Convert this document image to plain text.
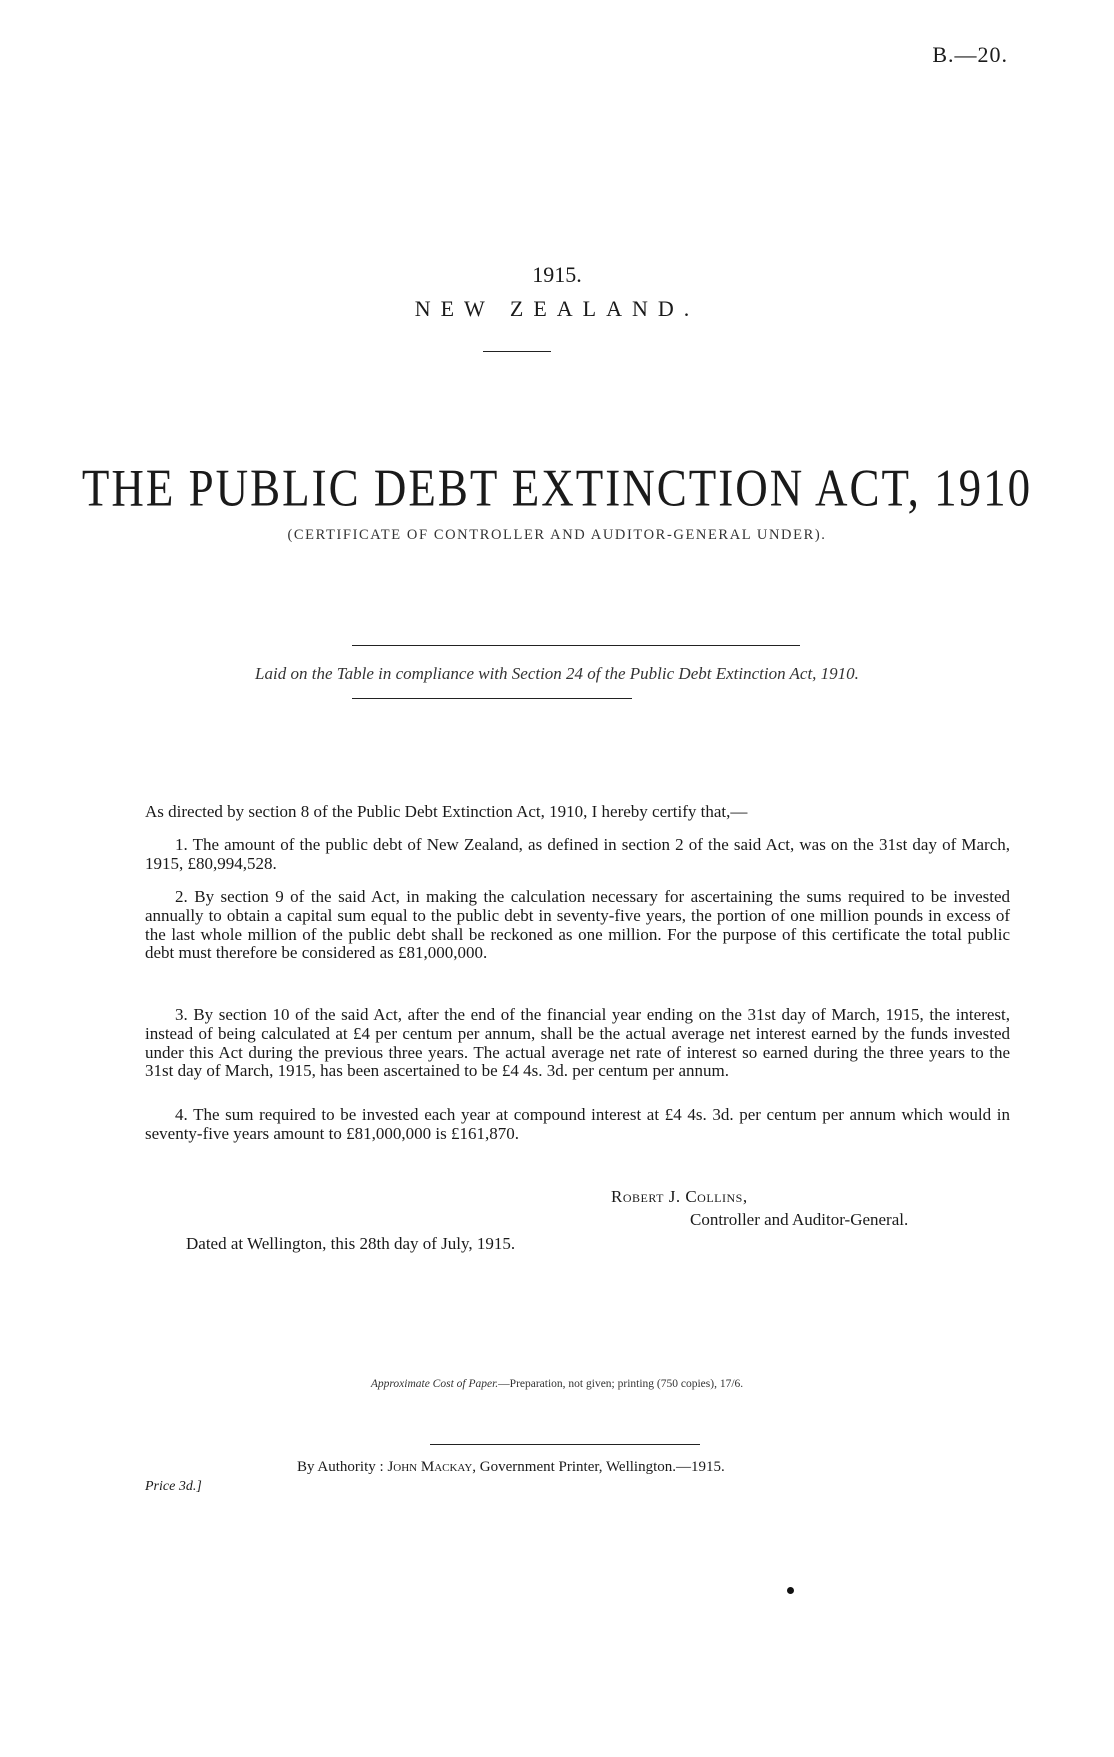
B.—20.
1915.
NEW ZEALAND.
THE PUBLIC DEBT EXTINCTION ACT, 1910
(CERTIFICATE OF CONTROLLER AND AUDITOR-GENERAL UNDER).
Laid on the Table in compliance with Section 24 of the Public Debt Extinction Act, 1910.
As directed by section 8 of the Public Debt Extinction Act, 1910, I hereby certify that,—
1. The amount of the public debt of New Zealand, as defined in section 2 of the said Act, was on the 31st day of March, 1915, £80,994,528.
2. By section 9 of the said Act, in making the calculation necessary for ascertaining the sums required to be invested annually to obtain a capital sum equal to the public debt in seventy-five years, the portion of one million pounds in excess of the last whole million of the public debt shall be reckoned as one million. For the purpose of this certificate the total public debt must therefore be considered as £81,000,000.
3. By section 10 of the said Act, after the end of the financial year ending on the 31st day of March, 1915, the interest, instead of being calculated at £4 per centum per annum, shall be the actual average net interest earned by the funds invested under this Act during the previous three years. The actual average net rate of interest so earned during the three years to the 31st day of March, 1915, has been ascertained to be £4 4s. 3d. per centum per annum.
4. The sum required to be invested each year at compound interest at £4 4s. 3d. per centum per annum which would in seventy-five years amount to £81,000,000 is £161,870.
Robert J. Collins,
Controller and Auditor-General.
Dated at Wellington, this 28th day of July, 1915.
Approximate Cost of Paper.—Preparation, not given; printing (750 copies), 17/6.
Price 3d.]
By Authority : John Mackay, Government Printer, Wellington.—1915.
